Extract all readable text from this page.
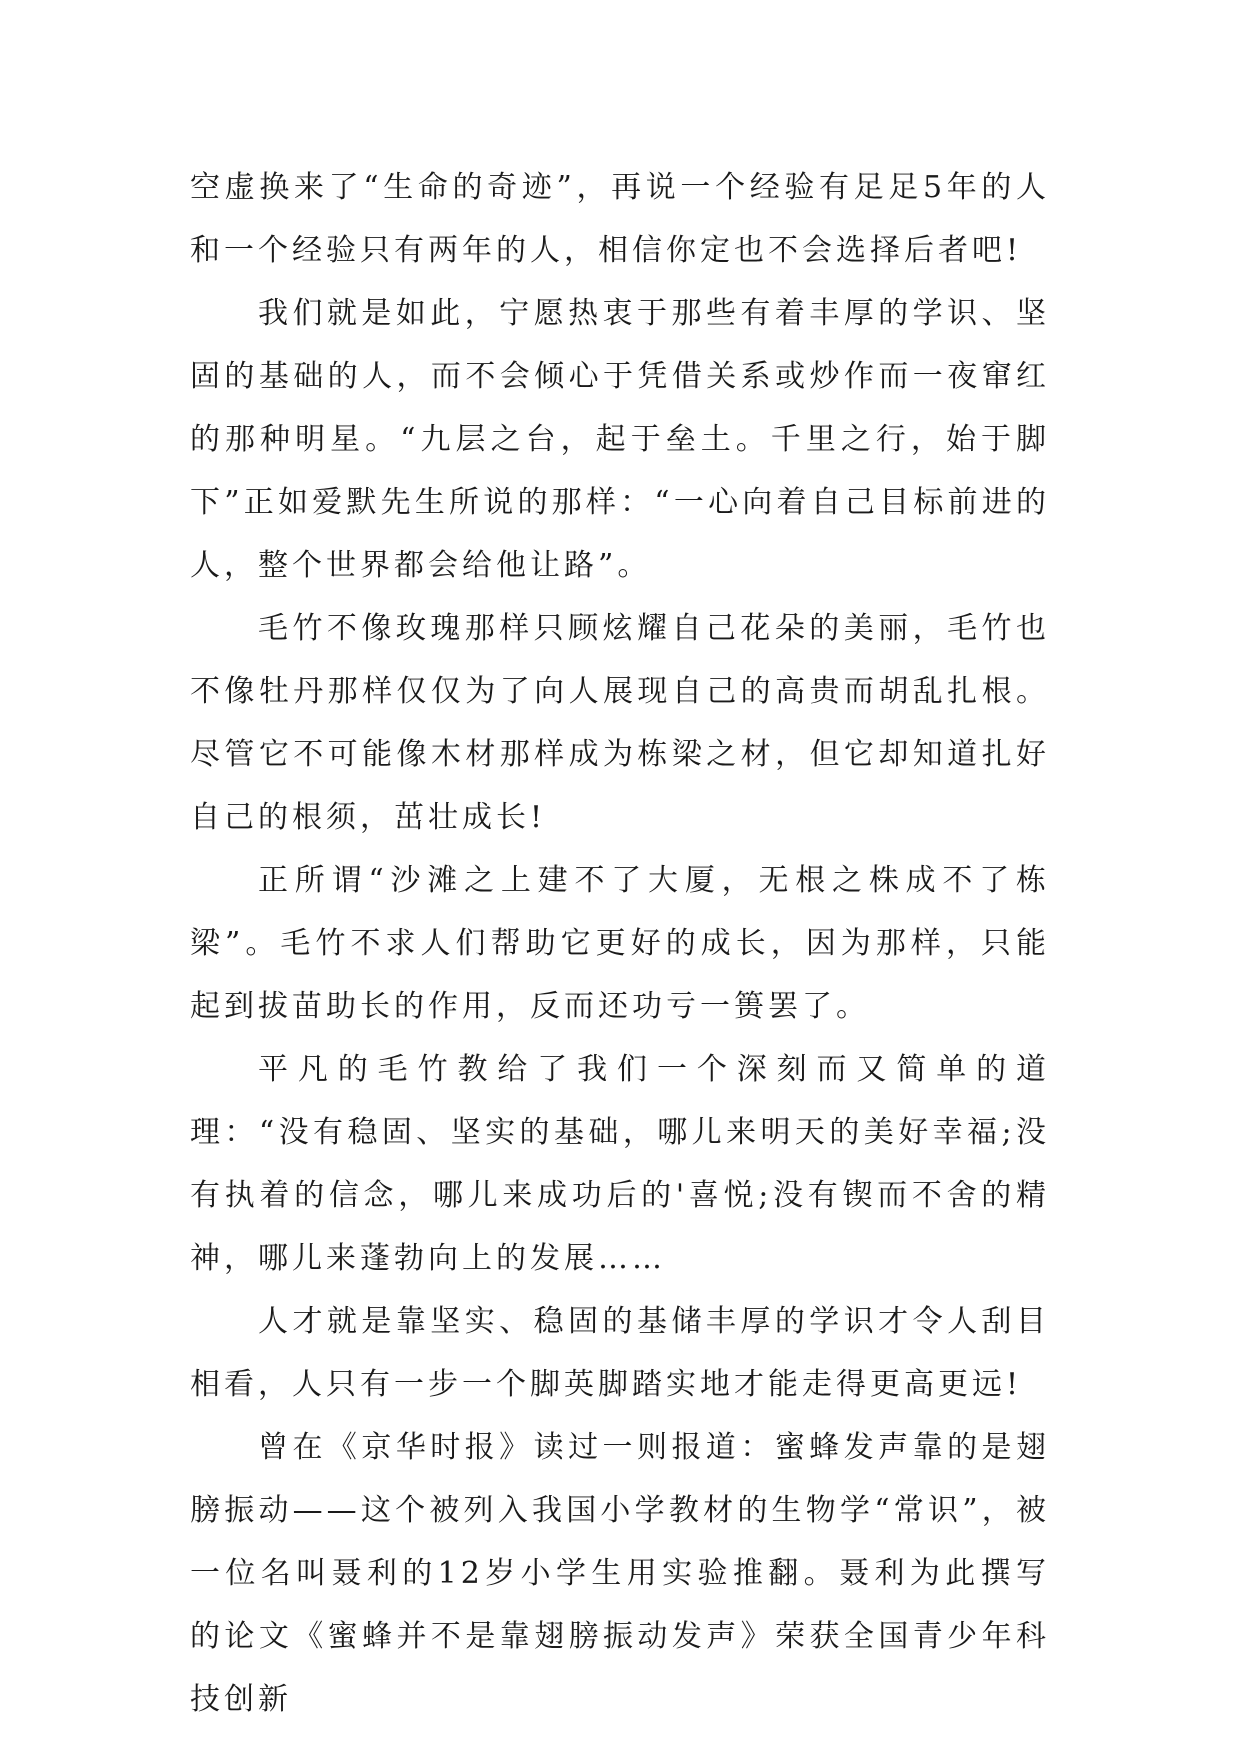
空虚换来了“生命的奇迹”，再说一个经验有足足5年的人和一个经验只有两年的人，相信你定也不会选择后者吧!

我们就是如此，宁愿热衷于那些有着丰厚的学识、坚固的基础的人，而不会倾心于凭借关系或炒作而一夜窜红的那种明星。“九层之台，起于垒土。千里之行，始于脚下”正如爱默先生所说的那样：“一心向着自己目标前进的人，整个世界都会给他让路”。

毛竹不像玫瑰那样只顾炫耀自己花朵的美丽，毛竹也不像牡丹那样仅仅为了向人展现自己的高贵而胡乱扎根。尽管它不可能像木材那样成为栋梁之材，但它却知道扎好自己的根须，茁壮成长!

正所谓“沙滩之上建不了大厦，无根之株成不了栋梁”。毛竹不求人们帮助它更好的成长，因为那样，只能起到拔苗助长的作用，反而还功亏一篑罢了。

平凡的毛竹教给了我们一个深刻而又简单的道理：“没有稳固、坚实的基础，哪儿来明天的美好幸福;没有执着的信念，哪儿来成功后的'喜悦;没有锲而不舍的精神，哪儿来蓬勃向上的发展……

人才就是靠坚实、稳固的基储丰厚的学识才令人刮目相看，人只有一步一个脚英脚踏实地才能走得更高更远!

曾在《京华时报》读过一则报道：蜜蜂发声靠的是翅膀振动——这个被列入我国小学教材的生物学“常识”，被一位名叫聂利的12岁小学生用实验推翻。聂利为此撰写的论文《蜜蜂并不是靠翅膀振动发声》荣获全国青少年科技创新
